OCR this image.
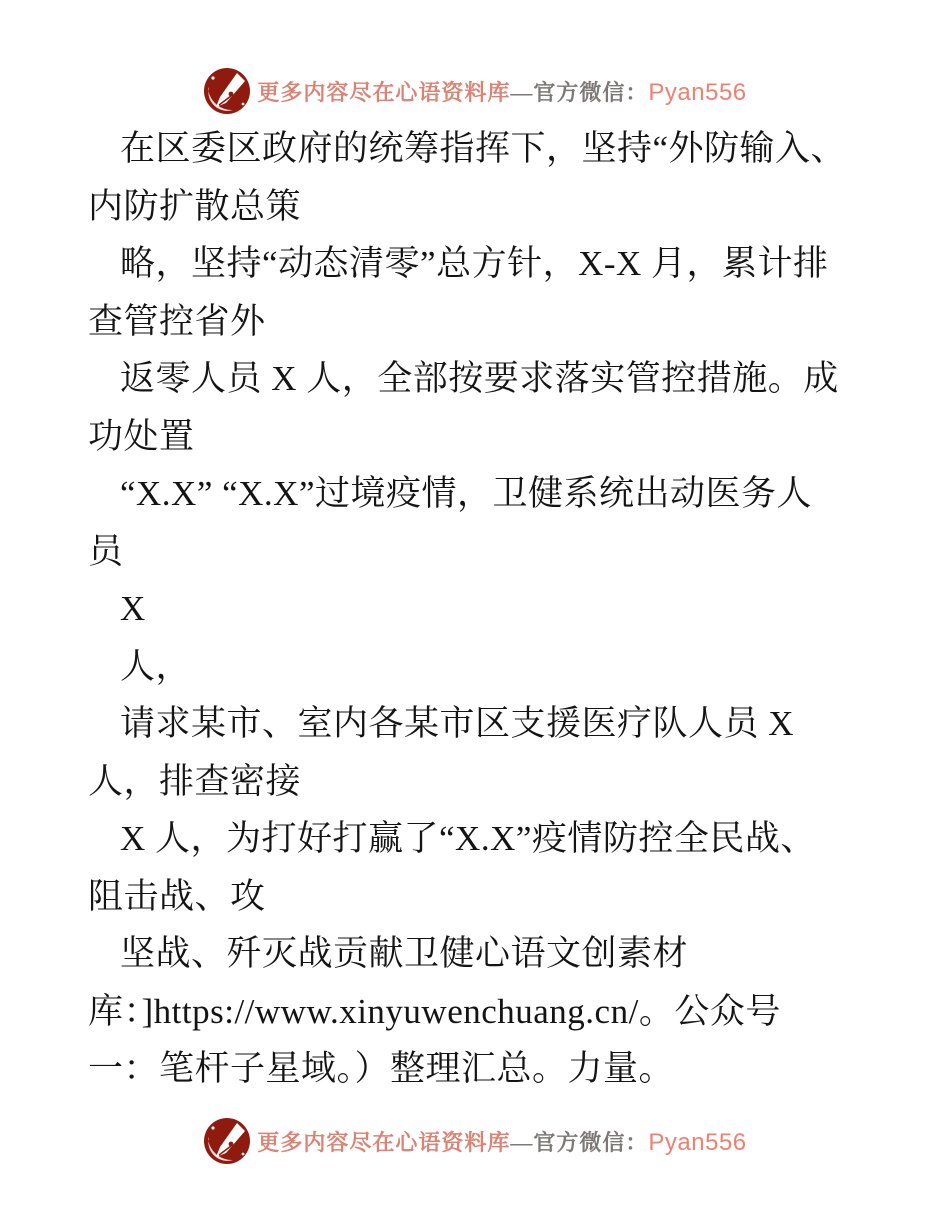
更多内容尽在心语资料库—官方微信：Pyan556
在区委区政府的统筹指挥下，坚持“外防输入、
内防扩散总策
略，坚持“动态清零”总方针，X-X 月，累计排
查管控省外
返零人员 X 人，全部按要求落实管控措施。成
功处置
“X.X” “X.X”过境疫情，卫健系统出动医务人
员
X
人，
请求某市、室内各某市区支援医疗队人员 X
人，排查密接
X 人，为打好打赢了“X.X”疫情防控全民战、
阻击战、攻
坚战、歼灭战贡献卫健心语文创素材
库：]https://www.xinyuwenchuang.cn/。公众号
一：笔杆子星域。）整理汇总。力量。
更多内容尽在心语资料库—官方微信：Pyan556
